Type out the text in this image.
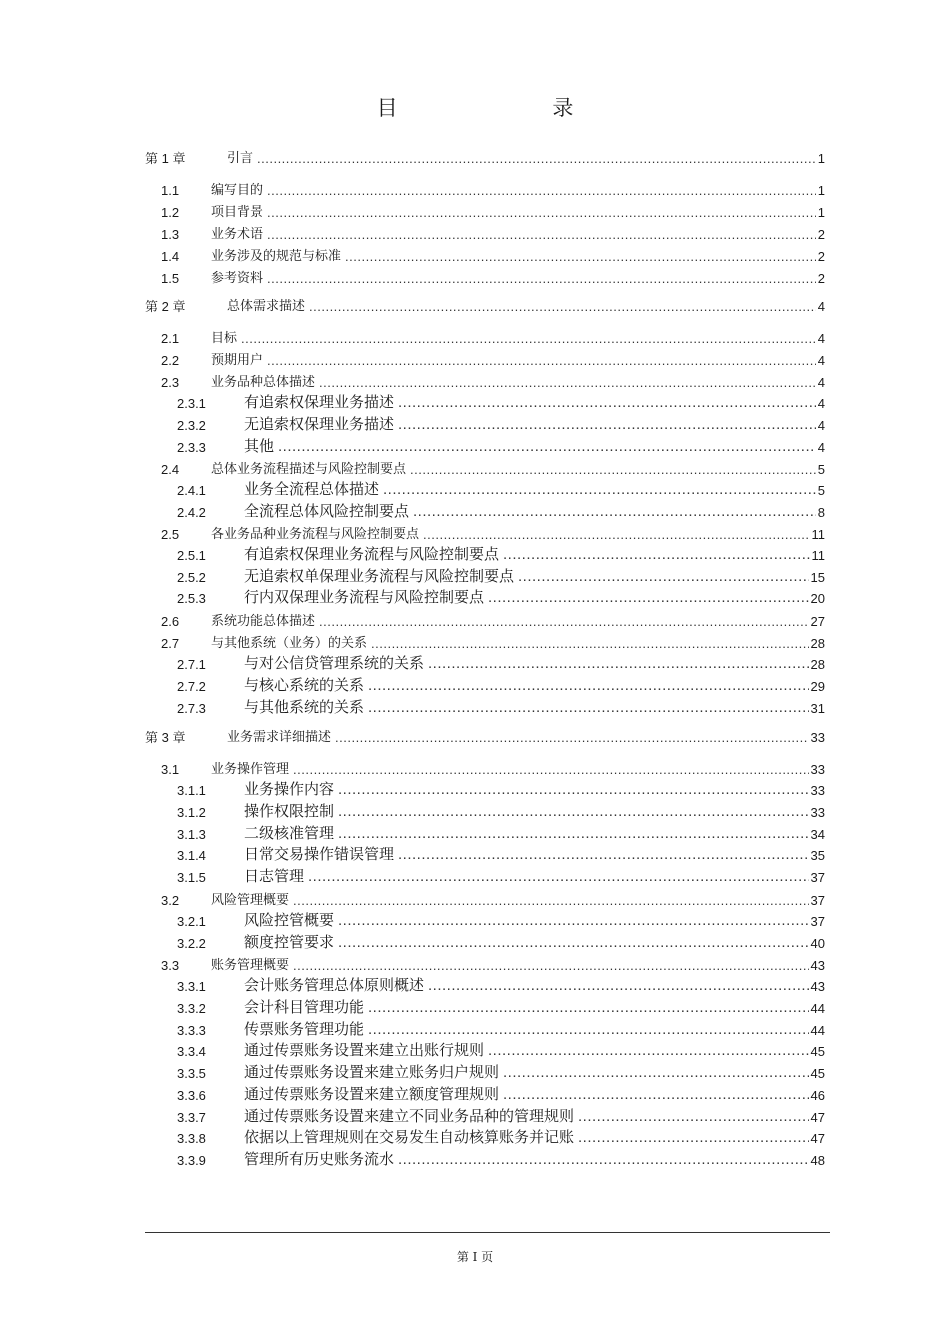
目 录
第 1 章	引言 .....	1
1.1	编写目的 .....	1
1.2	项目背景 .....	1
1.3	业务术语 .....	2
1.4	业务涉及的规范与标准 .....	2
1.5	参考资料 .....	2
第 2 章	总体需求描述 .....	4
2.1	目标 .....	4
2.2	预期用户 .....	4
2.3	业务品种总体描述 .....	4
2.3.1	有追索权保理业务描述 .....	4
2.3.2	无追索权保理业务描述 .....	4
2.3.3	其他 .....	4
2.4	总体业务流程描述与风险控制要点 .....	5
2.4.1	业务全流程总体描述 .....	5
2.4.2	全流程总体风险控制要点 .....	8
2.5	各业务品种业务流程与风险控制要点 .....	11
2.5.1	有追索权保理业务流程与风险控制要点 .....	11
2.5.2	无追索权单保理业务流程与风险控制要点 .....	15
2.5.3	行内双保理业务流程与风险控制要点 .....	20
2.6	系统功能总体描述 .....	27
2.7	与其他系统（业务）的关系 .....	28
2.7.1	与对公信贷管理系统的关系 .....	28
2.7.2	与核心系统的关系 .....	29
2.7.3	与其他系统的关系 .....	31
第 3 章	业务需求详细描述 .....	33
3.1	业务操作管理 .....	33
3.1.1	业务操作内容 .....	33
3.1.2	操作权限控制 .....	33
3.1.3	二级核准管理 .....	34
3.1.4	日常交易操作错误管理 .....	35
3.1.5	日志管理 .....	37
3.2	风险管理概要 .....	37
3.2.1	风险控管概要 .....	37
3.2.2	额度控管要求 .....	40
3.3	账务管理概要 .....	43
3.3.1	会计账务管理总体原则概述 .....	43
3.3.2	会计科目管理功能 .....	44
3.3.3	传票账务管理功能 .....	44
3.3.4	通过传票账务设置来建立出账行规则 .....	45
3.3.5	通过传票账务设置来建立账务归户规则 .....	45
3.3.6	通过传票账务设置来建立额度管理规则 .....	46
3.3.7	通过传票账务设置来建立不同业务品种的管理规则 .....	47
3.3.8	依据以上管理规则在交易发生自动核算账务并记账 .....	47
3.3.9	管理所有历史账务流水 .....	48
第 I 页
